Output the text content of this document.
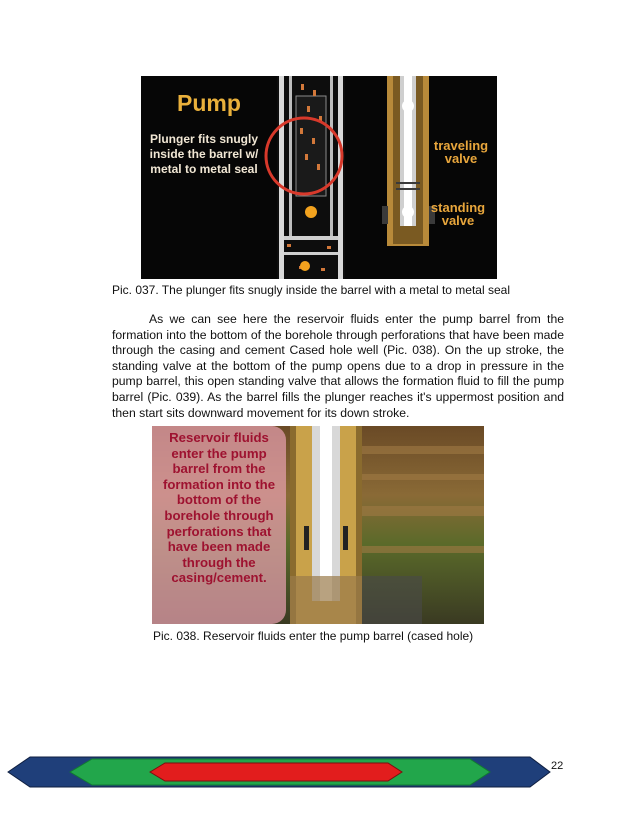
Pump
Plunger fits snugly inside the barrel w/ metal to metal seal
traveling valve
standing valve
Pic. 037. The plunger fits snugly inside the barrel with a metal to metal seal
As we can see here the reservoir fluids enter the pump barrel from the formation into the bottom of the borehole through perforations that have been made through the casing and cement Cased hole well (Pic. 038). On the up stroke, the standing valve at the bottom of the pump opens due to a drop in pressure in the pump barrel, this open standing valve that allows the formation fluid to fill the pump barrel (Pic. 039). As the barrel fills the plunger reaches it's uppermost position and then start sits downward movement for its down stroke.
Reservoir fluids enter the pump barrel from the formation into the bottom of the borehole through perforations that have been made through the casing/cement.
Pic. 038. Reservoir fluids enter the pump barrel (cased hole)
22
